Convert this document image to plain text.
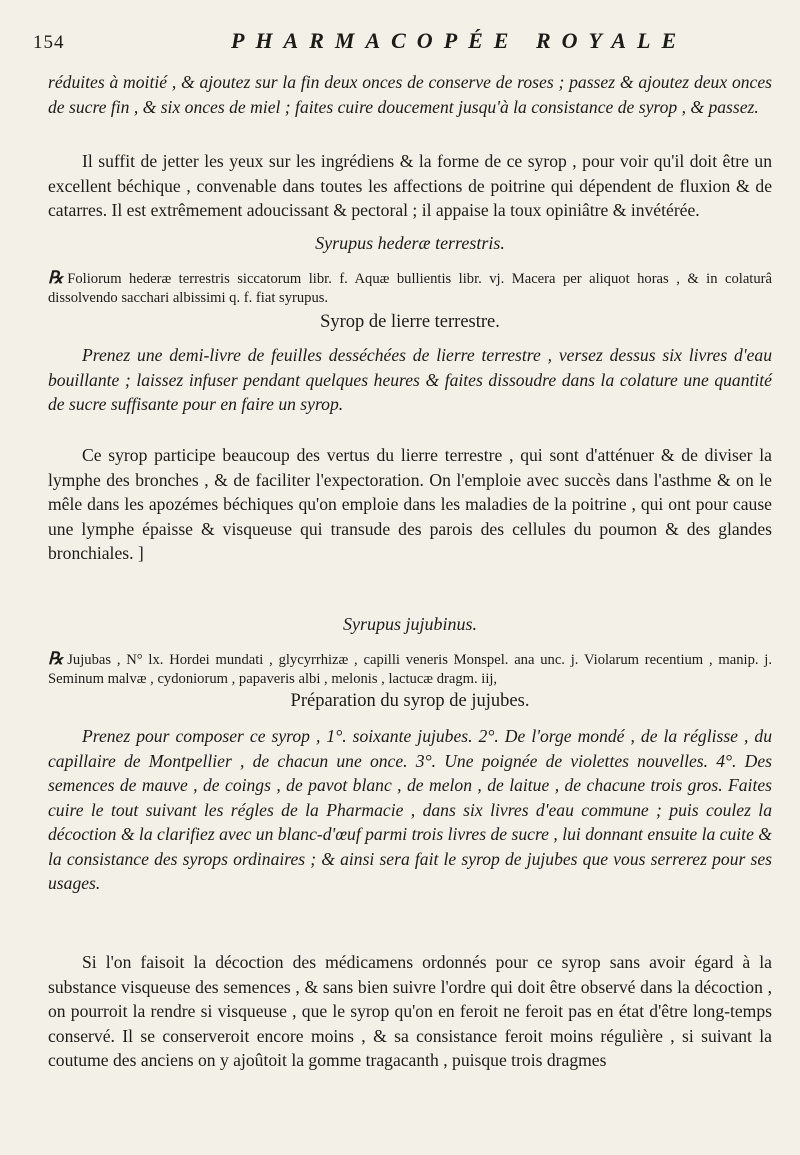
154	PHARMACOPÉE ROYALE

réduites à moitié , & ajoutez sur la fin deux onces de conserve de roses ; passez & ajoutez deux onces de sucre fin , & six onces de miel ; faites cuire doucement jusqu'à la consistance de syrop , & passez.

Il suffit de jetter les yeux sur les ingrédiens & la forme de ce syrop , pour voir qu'il doit être un excellent béchique , convenable dans toutes les affections de poitrine qui dépendent de fluxion & de catarres. Il est extrêmement adoucissant & pectoral ; il appaise la toux opiniâtre & invétérée.

Syrupus hederæ terrestris.
℞ Foliorum hederæ terrestris siccatorum libr. f. Aquæ bullientis libr. vj. Macera per aliquot horas , & in colaturâ dissolvendo sacchari albissimi q. f. fiat syrupus.
Syrop de lierre terrestre.

Prenez une demi-livre de feuilles desséchées de lierre terrestre , versez dessus six livres d'eau bouillante ; laissez infuser pendant quelques heures & faites dissoudre dans la colature une quantité de sucre suffisante pour en faire un syrop.

Ce syrop participe beaucoup des vertus du lierre terrestre , qui sont d'atténuer & de diviser la lymphe des bronches , & de faciliter l'expectoration. On l'emploie avec succès dans l'asthme & on le mêle dans les apozémes béchiques qu'on emploie dans les maladies de la poitrine , qui ont pour cause une lymphe épaisse & visqueuse qui transude des parois des cellules du poumon & des glandes bronchiales. ]

Syrupus jujubinus.
℞ Jujubas , N° lx. Hordei mundati , glycyrrhizæ , capilli veneris Monspel. ana unc. j. Violarum recentium , manip. j. Seminum malvæ , cydoniorum , papaveris albi , melonis , lactucæ dragm. iij,
Préparation du syrop de jujubes.

Prenez pour composer ce syrop , 1°. soixante jujubes. 2°. De l'orge mondé , de la réglisse , du capillaire de Montpellier , de chacun une once. 3°. Une poignée de violettes nouvelles. 4°. Des semences de mauve , de coings , de pavot blanc , de melon , de laitue , de chacune trois gros. Faites cuire le tout suivant les régles de la Pharmacie , dans six livres d'eau commune ; puis coulez la décoction & la clarifiez avec un blanc-d'œuf parmi trois livres de sucre , lui donnant ensuite la cuite & la consistance des syrops ordinaires ; & ainsi sera fait le syrop de jujubes que vous serrerez pour ses usages.

Si l'on faisoit la décoction des médicamens ordonnés pour ce syrop sans avoir égard à la substance visqueuse des semences , & sans bien suivre l'ordre qui doit être observé dans la décoction , on pourroit la rendre si visqueuse , que le syrop qu'on en feroit ne feroit pas en état d'être long-temps conservé. Il se conserveroit encore moins , & sa consistance feroit moins régulière , si suivant la coutume des anciens on y ajoûtoit la gomme tragacanth , puisque trois dragmes
